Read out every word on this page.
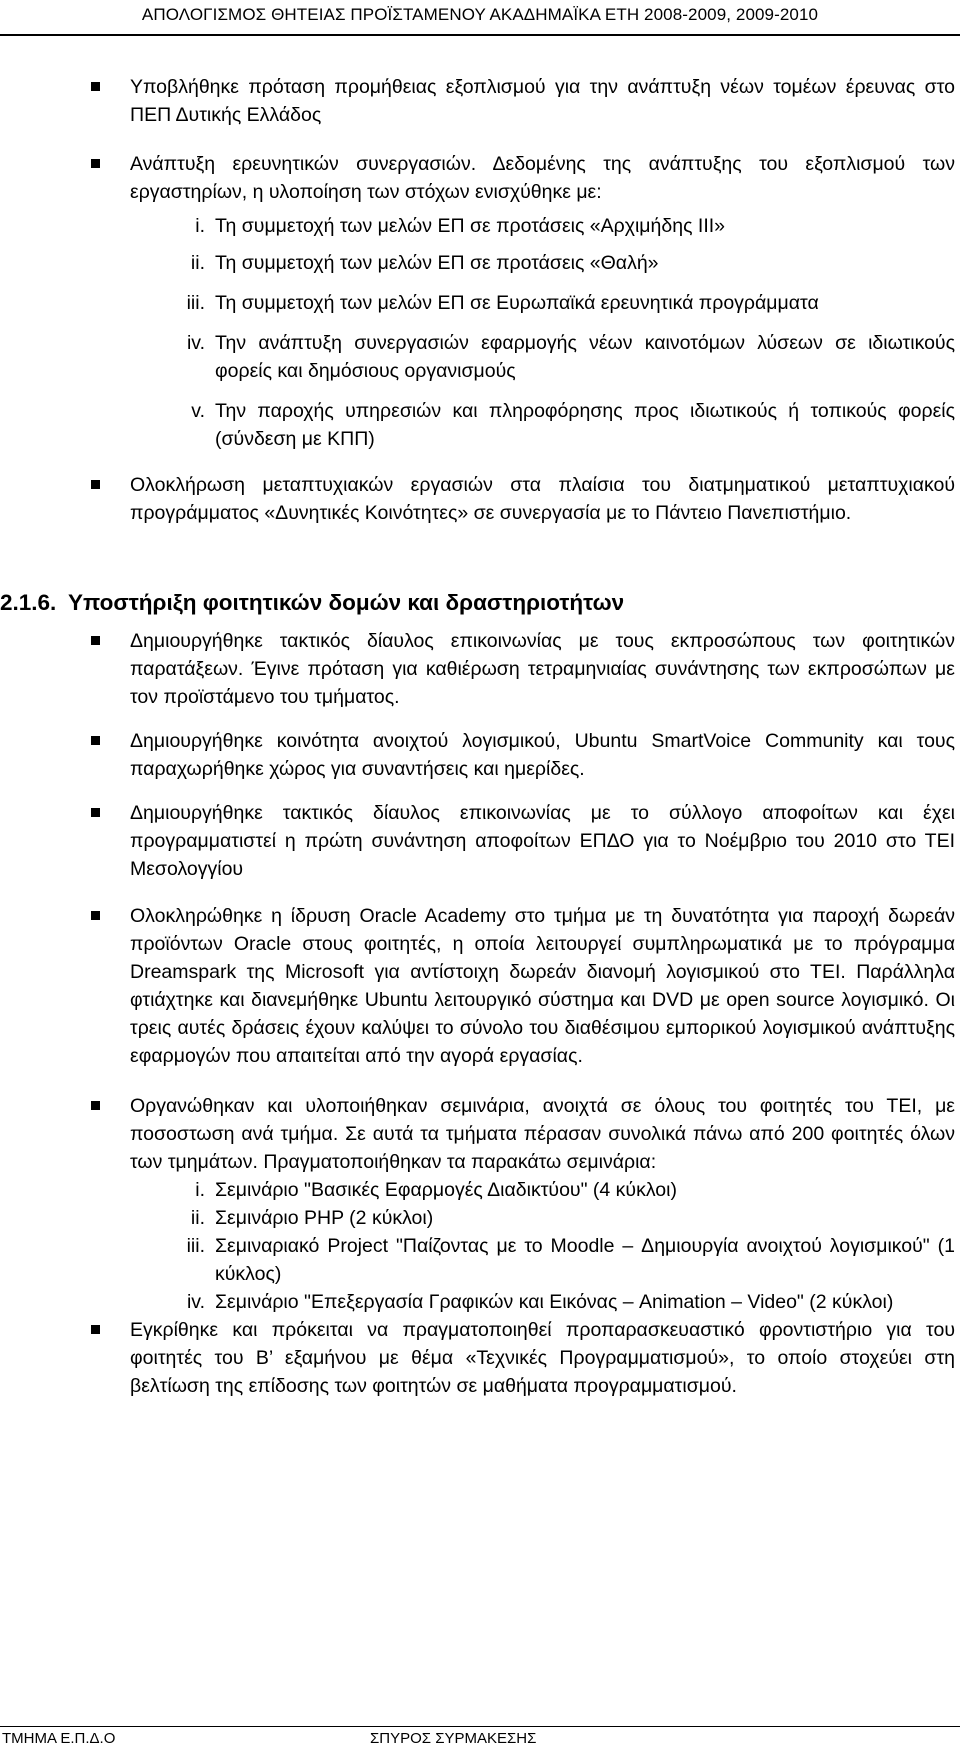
ΑΠΟΛΟΓΙΣΜΟΣ ΘΗΤΕΙΑΣ ΠΡΟΪΣΤΑΜΕΝΟΥ ΑΚΑΔΗΜΑΪΚΑ ΕΤΗ 2008-2009, 2009-2010

Υποβλήθηκε πρόταση προμήθειας εξοπλισμού για την ανάπτυξη νέων τομέων έρευνας στο ΠΕΠ Δυτικής Ελλάδος

Ανάπτυξη ερευνητικών συνεργασιών. Δεδομένης της ανάπτυξης του εξοπλισμού των εργαστηρίων, η υλοποίηση των στόχων ενισχύθηκε με:

i. Τη συμμετοχή των μελών ΕΠ σε προτάσεις «Αρχιμήδης ΙΙΙ»
ii. Τη συμμετοχή των μελών ΕΠ σε προτάσεις «Θαλή»
iii. Τη συμμετοχή των μελών ΕΠ σε Ευρωπαϊκά ερευνητικά προγράμματα
iv. Την ανάπτυξη συνεργασιών εφαρμογής νέων καινοτόμων λύσεων σε ιδιωτικούς φορείς και δημόσιους οργανισμούς
v. Την παροχής υπηρεσιών και πληροφόρησης προς ιδιωτικούς ή τοπικούς φορείς (σύνδεση με ΚΠΠ)

Ολοκλήρωση μεταπτυχιακών εργασιών στα πλαίσια του διατμηματικού μεταπτυχιακού προγράμματος «Δυνητικές Κοινότητες» σε συνεργασία με το Πάντειο Πανεπιστήμιο.

2.1.6. Υποστήριξη φοιτητικών δομών και δραστηριοτήτων

Δημιουργήθηκε τακτικός δίαυλος επικοινωνίας με τους εκπροσώπους των φοιτητικών παρατάξεων. Έγινε πρόταση για καθιέρωση τετραμηνιαίας συνάντησης των εκπροσώπων με τον προϊστάμενο του τμήματος.

Δημιουργήθηκε κοινότητα ανοιχτού λογισμικού, Ubuntu SmartVoice Community και τους παραχωρήθηκε χώρος για συναντήσεις και ημερίδες.

Δημιουργήθηκε τακτικός δίαυλος επικοινωνίας με το σύλλογο αποφοίτων και έχει προγραμματιστεί η πρώτη συνάντηση αποφοίτων ΕΠΔΟ για το Νοέμβριο του 2010 στο ΤΕΙ Μεσολογγίου

Ολοκληρώθηκε η ίδρυση Oracle Academy στο τμήμα με τη δυνατότητα για παροχή δωρεάν προϊόντων Oracle στους φοιτητές, η οποία λειτουργεί συμπληρωματικά με το πρόγραμμα Dreamspark της Microsoft για αντίστοιχη δωρεάν διανομή λογισμικού στο ΤΕΙ. Παράλληλα φτιάχτηκε και διανεμήθηκε Ubuntu λειτουργικό σύστημα και DVD με open source λογισμικό. Οι τρεις αυτές δράσεις έχουν καλύψει το σύνολο του διαθέσιμου εμπορικού λογισμικού ανάπτυξης εφαρμογών που απαιτείται από την αγορά εργασίας.

Οργανώθηκαν και υλοποιήθηκαν σεμινάρια, ανοιχτά σε όλους του φοιτητές του ΤΕΙ, με ποσοστωση ανά τμήμα. Σε αυτά τα τμήματα πέρασαν συνολικά πάνω από 200 φοιτητές όλων των τμημάτων. Πραγματοποιήθηκαν τα παρακάτω σεμινάρια:

i. Σεμινάριο "Βασικές Εφαρμογές Διαδικτύου" (4 κύκλοι)
ii. Σεμινάριο PHP (2 κύκλοι)
iii. Σεμιναριακό Project "Παίζοντας με το Moodle – Δημιουργία ανοιχτού λογισμικού" (1 κύκλος)
iv. Σεμινάριο "Επεξεργασία Γραφικών και Εικόνας – Animation – Video" (2 κύκλοι)

Εγκρίθηκε και πρόκειται να πραγματοποιηθεί προπαρασκευαστικό φροντιστήριο για του φοιτητές του Β’ εξαμήνου με θέμα «Τεχνικές Προγραμματισμού», το οποίο στοχεύει στη βελτίωση της επίδοσης των φοιτητών σε μαθήματα προγραμματισμού.

ΤΜΗΜΑ Ε.Π.Δ.Ο	ΣΠΥΡΟΣ ΣΥΡΜΑΚΕΣΗΣ
